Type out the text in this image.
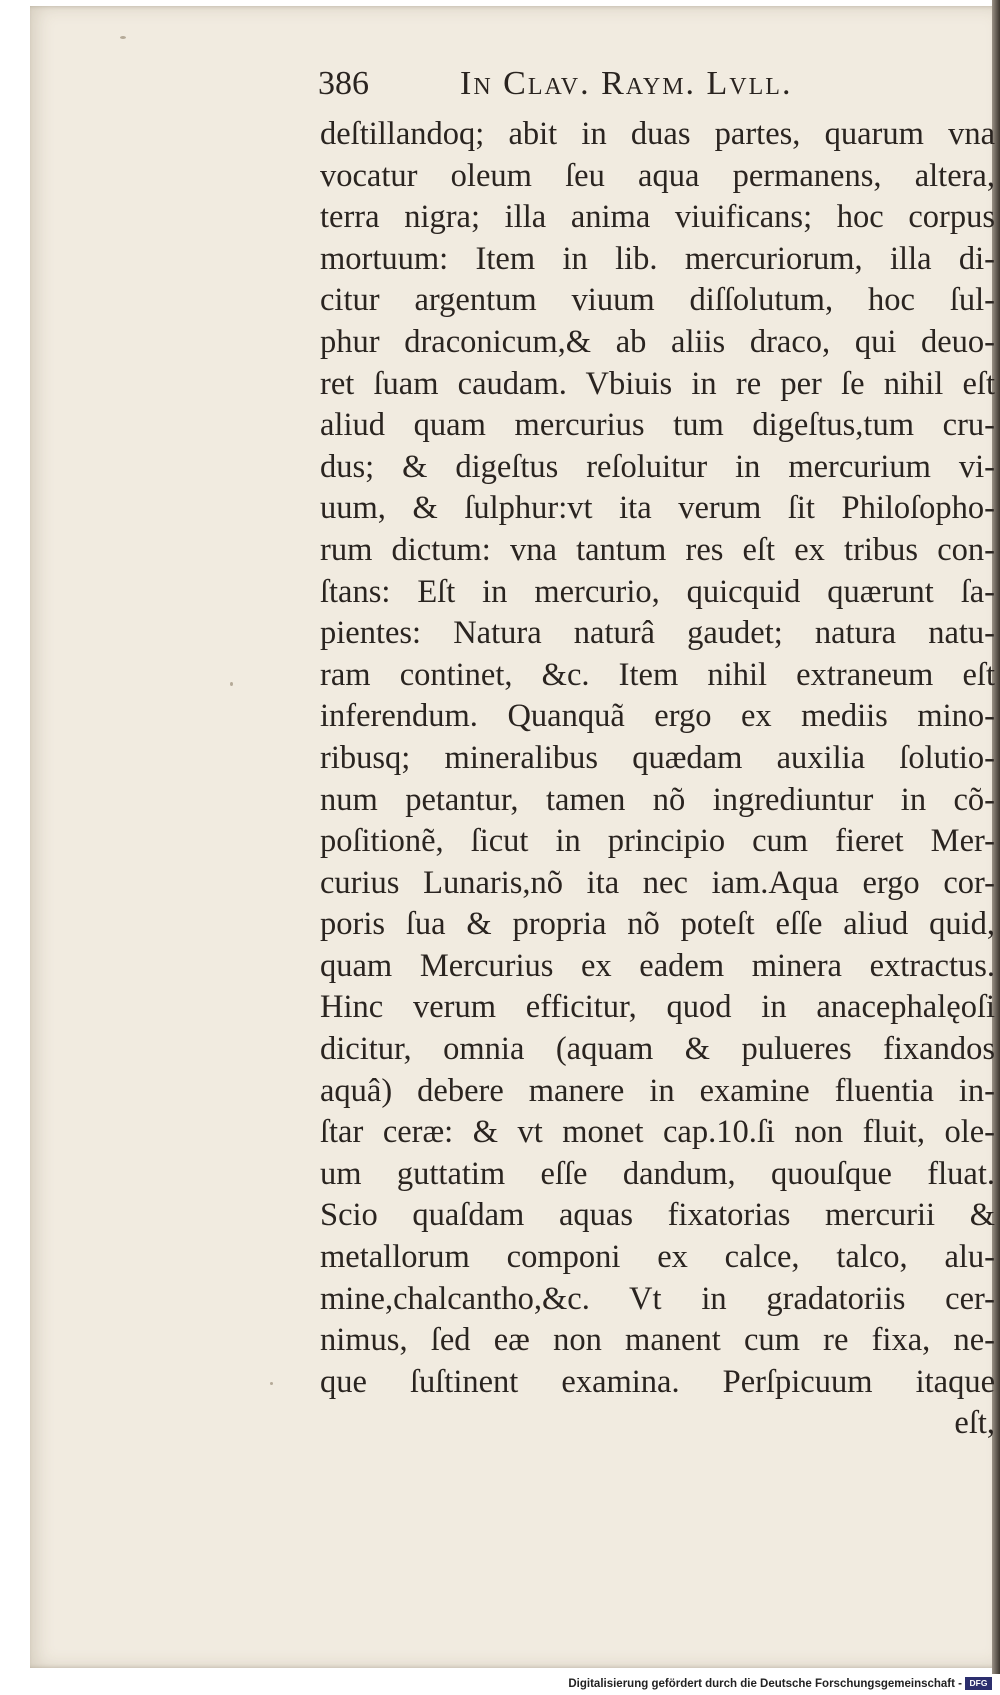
386	In Clav. Raym. Lvll.
deſtillandoq; abit in duas partes, quarum vna
vocatur oleum ſeu aqua permanens, altera,
terra nigra; illa anima viuificans; hoc corpus
mortuum: Item in lib. mercuriorum, illa di-
citur argentum viuum diſſolutum, hoc ſul-
phur draconicum,& ab aliis draco, qui deuo-
ret ſuam caudam. Vbiuis in re per ſe nihil eſt
aliud quam mercurius tum digeſtus,tum cru-
dus; & digeſtus reſoluitur in mercurium vi-
uum, & ſulphur:vt ita verum ſit Philoſopho-
rum dictum: vna tantum res eſt ex tribus con-
ſtans: Eſt in mercurio, quicquid quærunt ſa-
pientes: Natura naturâ gaudet; natura natu-
ram continet, &c. Item nihil extraneum eſt
inferendum. Quanquã ergo ex mediis mino-
ribusq; mineralibus quædam auxilia ſolutio-
num petantur, tamen nõ ingrediuntur in cõ-
poſitionẽ, ſicut in principio cum fieret Mer-
curius Lunaris,nõ ita nec iam.Aqua ergo cor-
poris ſua & propria nõ poteſt eſſe aliud quid,
quam Mercurius ex eadem minera extractus.
Hinc verum efficitur, quod in anacephalęoſi
dicitur, omnia (aquam & pulueres fixandos
aquâ) debere manere in examine fluentia in-
ſtar ceræ: & vt monet cap.10.ſi non fluit, ole-
um guttatim eſſe dandum, quouſque fluat.
Scio quaſdam aquas fixatorias mercurii &
metallorum componi ex calce, talco, alu-
mine,chalcantho,&c. Vt in gradatoriis cer-
nimus, ſed eæ non manent cum re fixa, ne-
que ſuſtinent examina. Perſpicuum itaque
eſt,
Digitalisierung gefördert durch die Deutsche Forschungsgemeinschaft - DFG
